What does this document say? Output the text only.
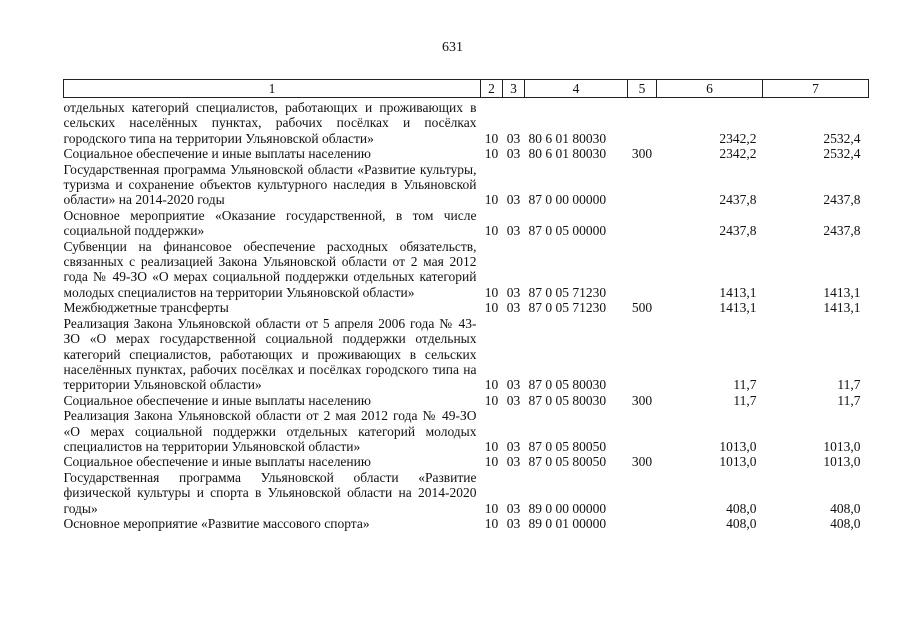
631
1	2	3	4	5	6	7
отдельных категорий специалистов, работающих и проживающих в сельских населённых пунктах, рабочих посёлках и посёлках городского типа на территории Ульяновской области»	10	03	80 6 01 80030		2342,2	2532,4
Социальное обеспечение и иные выплаты населению	10	03	80 6 01 80030	300	2342,2	2532,4
Государственная программа Ульяновской области «Развитие культуры, туризма и сохранение объектов культурного наследия в Ульяновской области» на 2014-2020 годы	10	03	87 0 00 00000		2437,8	2437,8
Основное мероприятие «Оказание государственной, в том числе социальной поддержки»	10	03	87 0 05 00000		2437,8	2437,8
Субвенции на финансовое обеспечение расходных обязательств, связанных с реализацией Закона Ульяновской области от 2 мая 2012 года № 49-ЗО «О мерах социальной поддержки отдельных категорий молодых специалистов на территории Ульяновской области»	10	03	87 0 05 71230		1413,1	1413,1
Межбюджетные трансферты	10	03	87 0 05 71230	500	1413,1	1413,1
Реализация Закона Ульяновской области от 5 апреля 2006 года № 43-ЗО «О мерах государственной социальной поддержки отдельных категорий специалистов, работающих и проживающих в сельских населённых пунктах, рабочих посёлках и посёлках городского типа на территории Ульяновской области»	10	03	87 0 05 80030		11,7	11,7
Социальное обеспечение и иные выплаты населению	10	03	87 0 05 80030	300	11,7	11,7
Реализация Закона Ульяновской области от 2 мая 2012 года № 49-ЗО «О мерах социальной поддержки отдельных категорий молодых специалистов на территории Ульяновской области»	10	03	87 0 05 80050		1013,0	1013,0
Социальное обеспечение и иные выплаты населению	10	03	87 0 05 80050	300	1013,0	1013,0
Государственная программа Ульяновской области «Развитие физической культуры и спорта в Ульяновской области на 2014-2020 годы»	10	03	89 0 00 00000		408,0	408,0
Основное мероприятие «Развитие массового спорта»	10	03	89 0 01 00000		408,0	408,0
